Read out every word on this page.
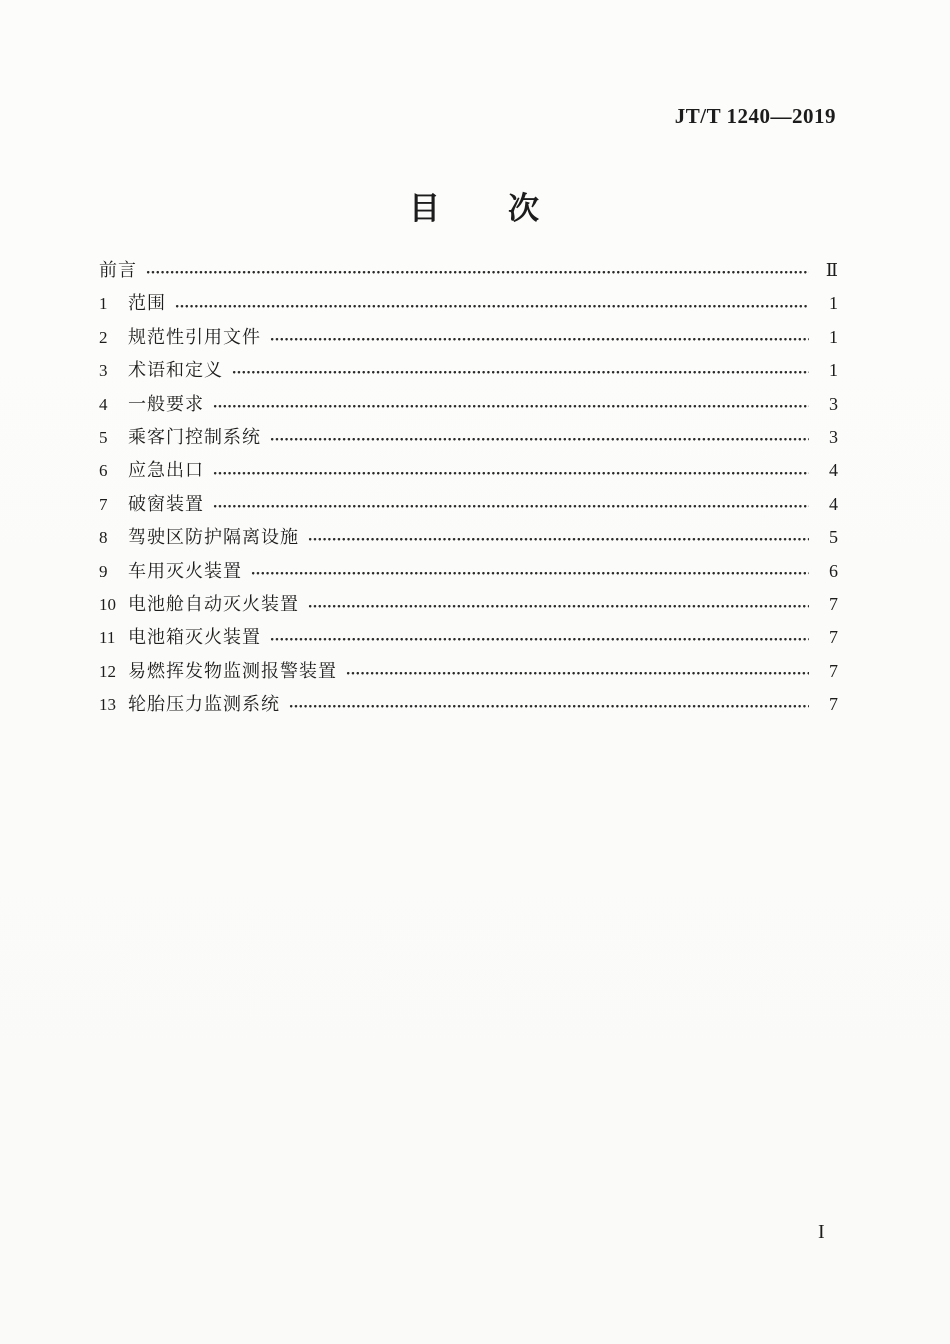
JT/T 1240—2019
目　　次
前言	Ⅱ
1	范围	1
2	规范性引用文件	1
3	术语和定义	1
4	一般要求	3
5	乘客门控制系统	3
6	应急出口	4
7	破窗装置	4
8	驾驶区防护隔离设施	5
9	车用灭火装置	6
10 电池舱自动灭火装置	7
11 电池箱灭火装置	7
12 易燃挥发物监测报警装置	7
13 轮胎压力监测系统	7
I
